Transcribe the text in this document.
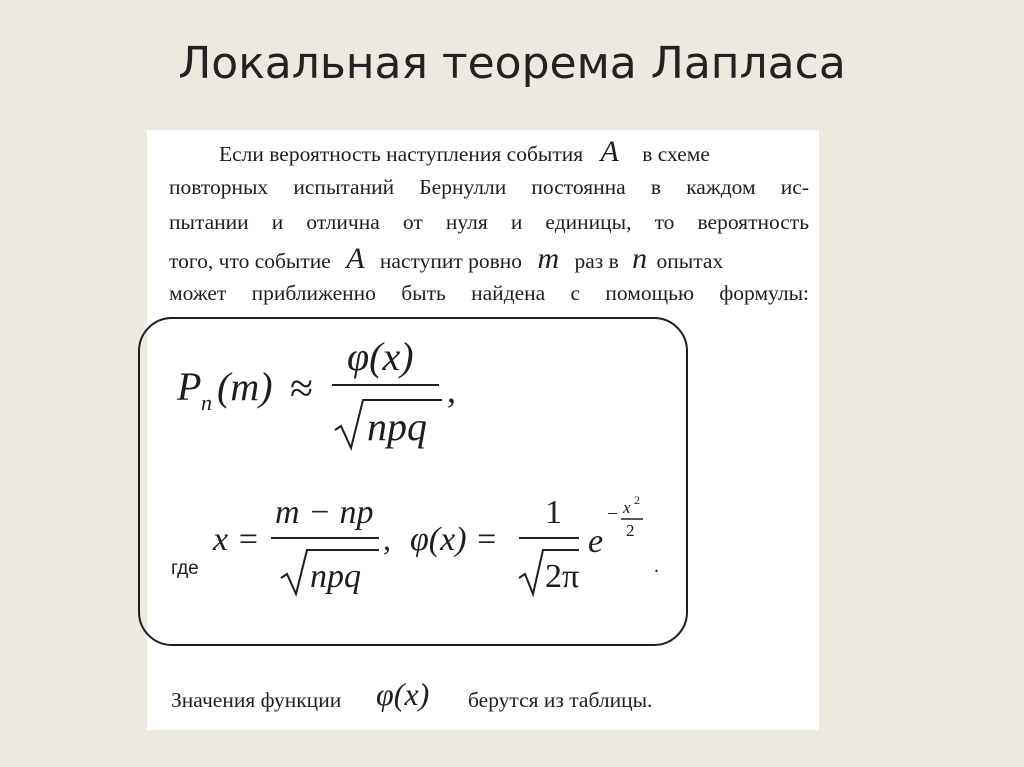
Локальная теорема Лапласа
Если вероятность наступления события A в схеме
повторных испытаний Бернулли постоянна в каждом ис-
пытании и отлична от нуля и единицы, то вероятность
того, что событие A наступит ровно m раз в n опытах
может приближенно быть найдена с помощью формулы:
P n (m) ≈
φ(x)
npq
,
x =
m − np
npq
, φ(x) =
1
2π
e
− x 2
2
.
где
Значения функции φ(x) берутся из таблицы.
